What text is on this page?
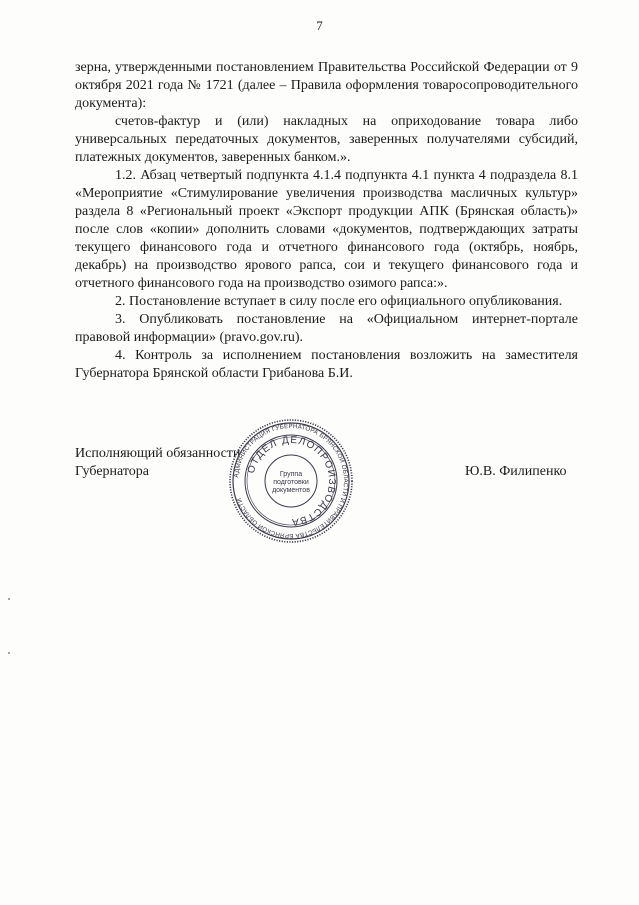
7

зерна, утвержденными постановлением Правительства Российской Федерации от 9 октября 2021 года № 1721 (далее – Правила оформления товаросопроводительного документа):

счетов-фактур и (или) накладных на оприходование товара либо универсальных передаточных документов, заверенных получателями субсидий, платежных документов, заверенных банком.».

1.2. Абзац четвертый подпункта 4.1.4 подпункта 4.1 пункта 4 подраздела 8.1 «Мероприятие «Стимулирование увеличения производства масличных культур» раздела 8 «Региональный проект «Экспорт продукции АПК (Брянская область)» после слов «копии» дополнить словами «документов, подтверждающих затраты текущего финансового года и отчетного финансового года (октябрь, ноябрь, декабрь) на производство ярового рапса, сои и текущего финансового года и отчетного финансового года на производство озимого рапса:».

2. Постановление вступает в силу после его официального опубликования.

3. Опубликовать постановление на «Официальном интернет-портале правовой информации» (pravo.gov.ru).

4. Контроль за исполнением постановления возложить на заместителя Губернатора Брянской области Грибанова Б.И.

Исполняющий обязанности
Губернатора	Ю.В. Филипенко
АДМИНИСТРАЦИЯ ГУБЕРНАТОРА БРЯНСКОЙ ОБЛАСТИ И ПРАВИТЕЛЬСТВА БРЯНСКОЙ ОБЛАСТИ
ОТДЕЛ ДЕЛОПРОИЗВОДСТВА
Группа
подготовки
документов
